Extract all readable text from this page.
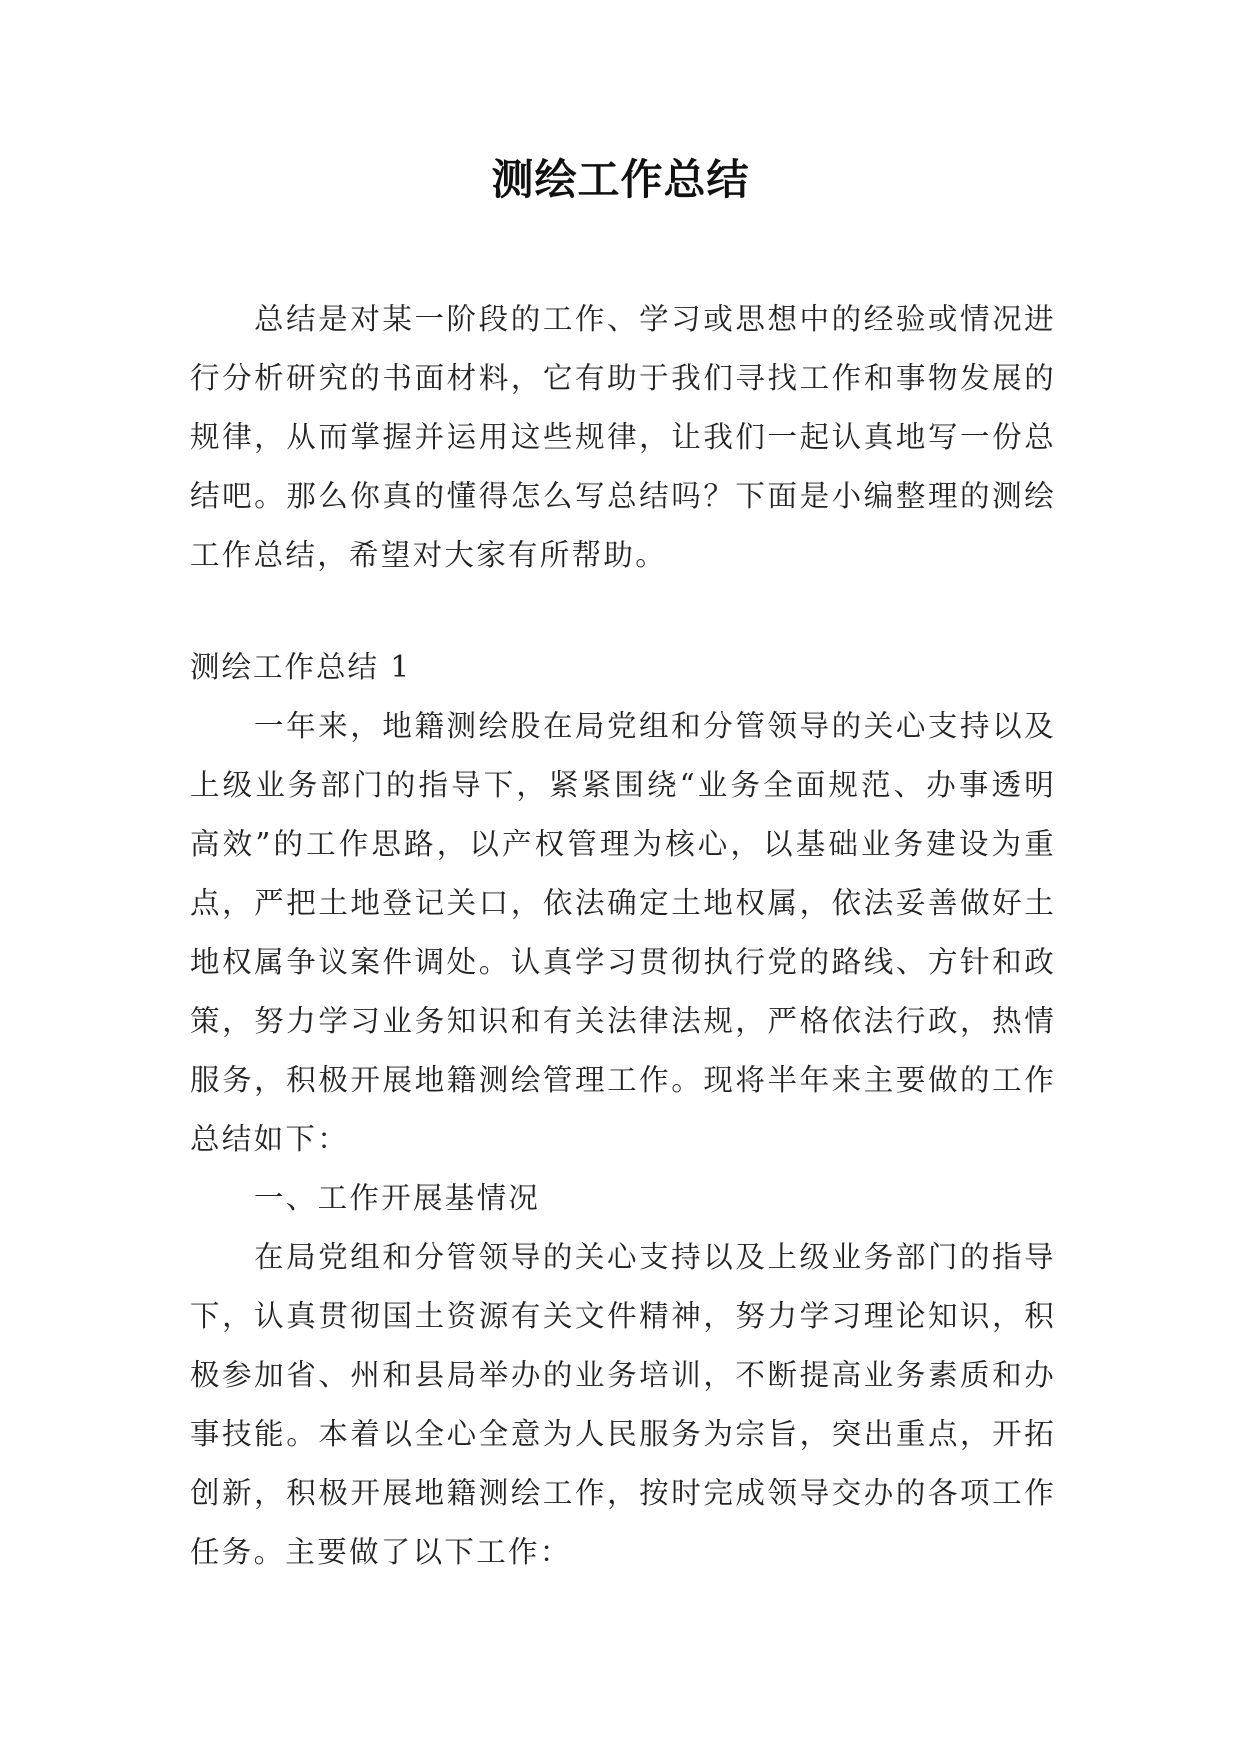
测绘工作总结
总结是对某一阶段的工作、学习或思想中的经验或情况进行分析研究的书面材料，它有助于我们寻找工作和事物发展的规律，从而掌握并运用这些规律，让我们一起认真地写一份总结吧。那么你真的懂得怎么写总结吗？下面是小编整理的测绘工作总结，希望对大家有所帮助。

测绘工作总结 1

一年来，地籍测绘股在局党组和分管领导的关心支持以及上级业务部门的指导下，紧紧围绕“业务全面规范、办事透明高效”的工作思路，以产权管理为核心，以基础业务建设为重点，严把土地登记关口，依法确定土地权属，依法妥善做好土地权属争议案件调处。认真学习贯彻执行党的路线、方针和政策，努力学习业务知识和有关法律法规，严格依法行政，热情服务，积极开展地籍测绘管理工作。现将半年来主要做的工作总结如下：

一、工作开展基情况

在局党组和分管领导的关心支持以及上级业务部门的指导下，认真贯彻国土资源有关文件精神，努力学习理论知识，积极参加省、州和县局举办的业务培训，不断提高业务素质和办事技能。本着以全心全意为人民服务为宗旨，突出重点，开拓创新，积极开展地籍测绘工作，按时完成领导交办的各项工作任务。主要做了以下工作：
